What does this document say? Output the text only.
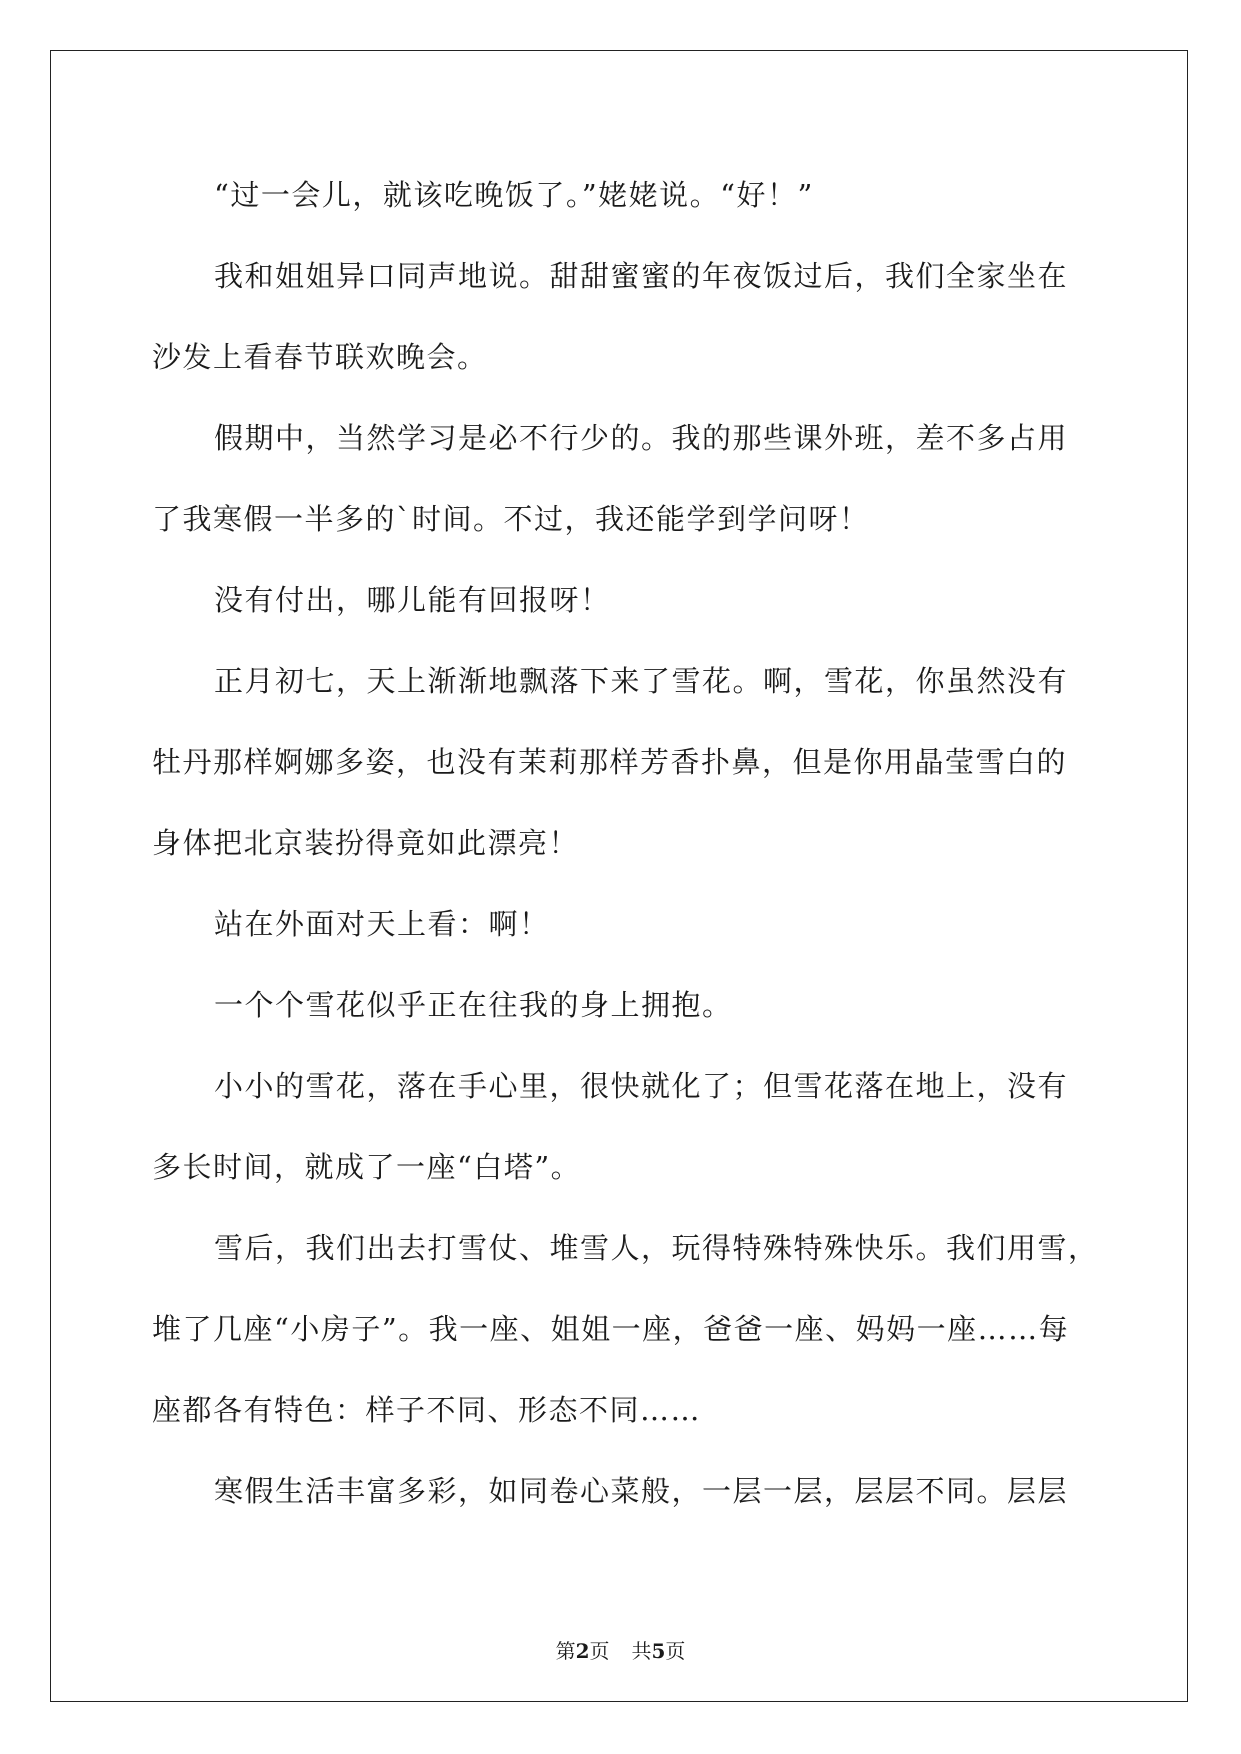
“过一会儿，就该吃晚饭了。”姥姥说。“好！”
我和姐姐异口同声地说。甜甜蜜蜜的年夜饭过后，我们全家坐在
沙发上看春节联欢晚会。
假期中，当然学习是必不行少的。我的那些课外班，差不多占用
了我寒假一半多的`时间。不过，我还能学到学问呀！
没有付出，哪儿能有回报呀！
正月初七，天上渐渐地飘落下来了雪花。啊，雪花，你虽然没有
牡丹那样婀娜多姿，也没有茉莉那样芳香扑鼻，但是你用晶莹雪白的
身体把北京装扮得竟如此漂亮！
站在外面对天上看：啊！
一个个雪花似乎正在往我的身上拥抱。
小小的雪花，落在手心里，很快就化了；但雪花落在地上，没有
多长时间，就成了一座“白塔”。
雪后，我们出去打雪仗、堆雪人，玩得特殊特殊快乐。我们用雪，
堆了几座“小房子”。我一座、姐姐一座，爸爸一座、妈妈一座……每
座都各有特色：样子不同、形态不同……
寒假生活丰富多彩，如同卷心菜般，一层一层，层层不同。层层
第2页 共5页
